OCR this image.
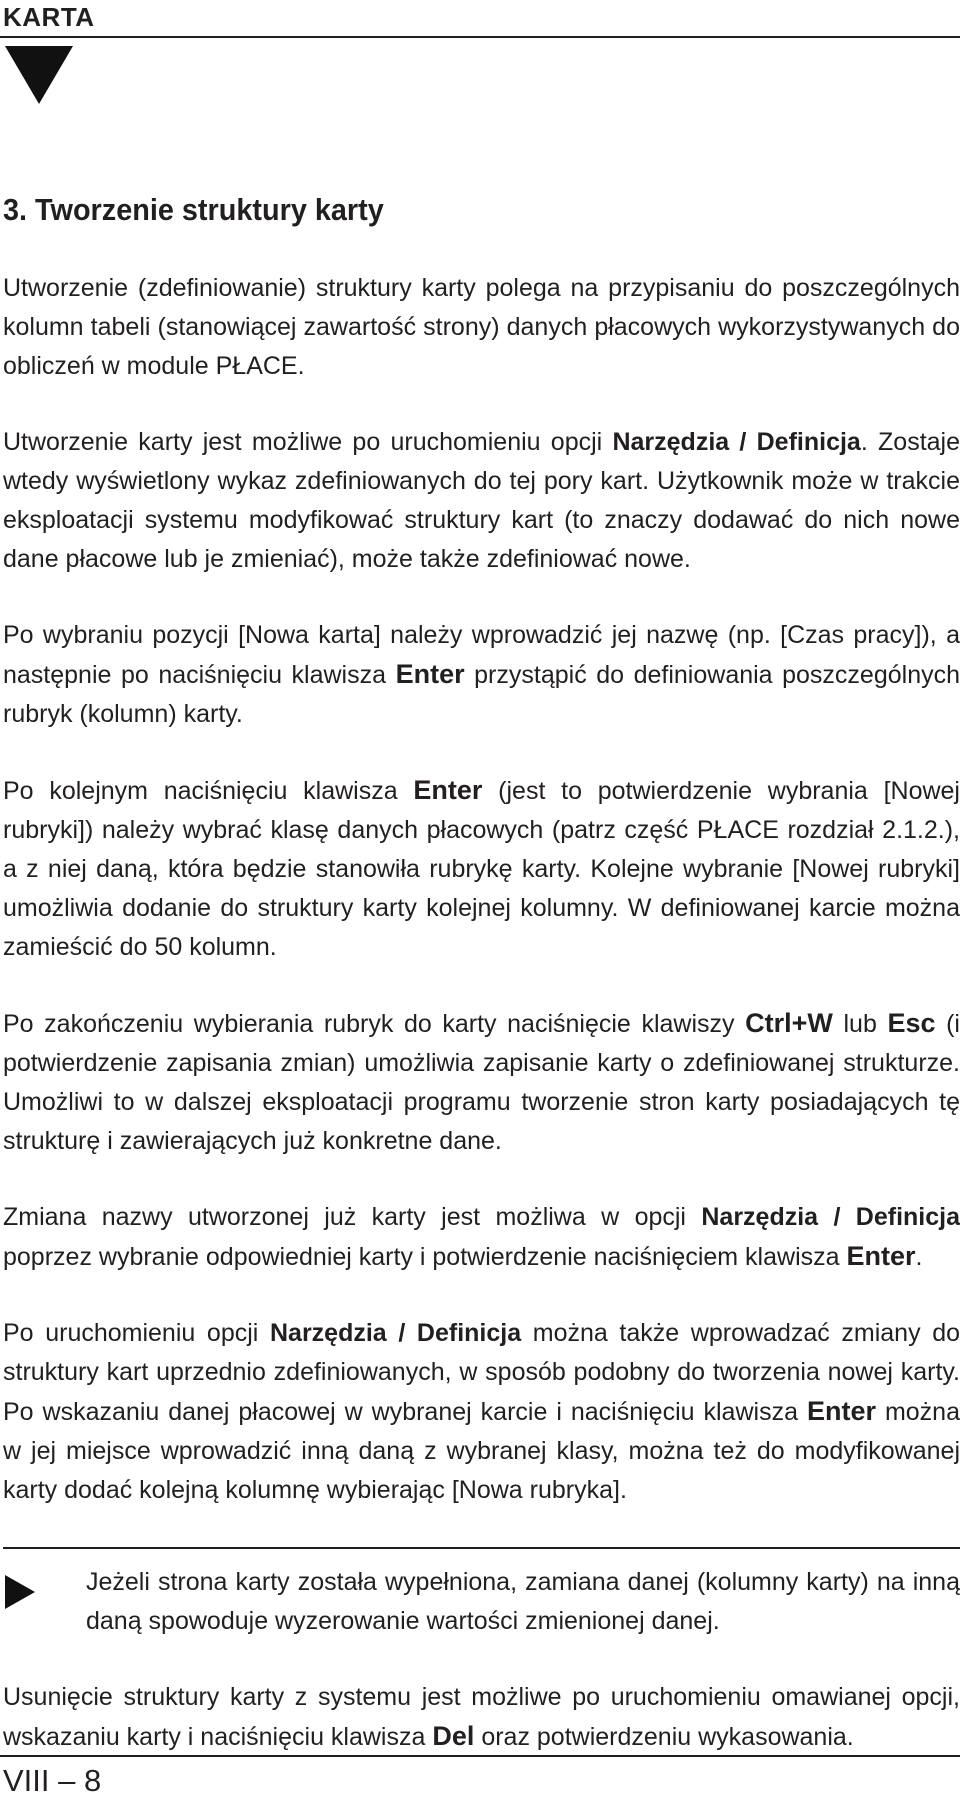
KARTA
3. Tworzenie struktury karty

Utworzenie (zdefiniowanie) struktury karty polega na przypisaniu do poszczególnych kolumn tabeli (stanowiącej zawartość strony) danych płacowych wykorzystywanych do obliczeń w module PŁACE.

Utworzenie karty jest możliwe po uruchomieniu opcji Narzędzia / Definicja. Zostaje wtedy wyświetlony wykaz zdefiniowanych do tej pory kart. Użytkownik może w trakcie eksploatacji systemu modyfikować struktury kart (to znaczy dodawać do nich nowe dane płacowe lub je zmieniać), może także zdefiniować nowe.

Po wybraniu pozycji [Nowa karta] należy wprowadzić jej nazwę (np. [Czas pracy]), a następnie po naciśnięciu klawisza Enter przystąpić do definiowania poszczególnych rubryk (kolumn) karty.

Po kolejnym naciśnięciu klawisza Enter (jest to potwierdzenie wybrania [Nowej rubryki]) należy wybrać klasę danych płacowych (patrz część PŁACE rozdział 2.1.2.), a z niej daną, która będzie stanowiła rubrykę karty. Kolejne wybranie [Nowej rubryki] umożliwia dodanie do struktury karty kolejnej kolumny. W definiowanej karcie można zamieścić do 50 kolumn.

Po zakończeniu wybierania rubryk do karty naciśnięcie klawiszy Ctrl+W lub Esc (i potwierdzenie zapisania zmian) umożliwia zapisanie karty o zdefiniowanej strukturze. Umożliwi to w dalszej eksploatacji programu tworzenie stron karty posiadających tę strukturę i zawierających już konkretne dane.

Zmiana nazwy utworzonej już karty jest możliwa w opcji Narzędzia / Definicja poprzez wybranie odpowiedniej karty i potwierdzenie naciśnięciem klawisza Enter.

Po uruchomieniu opcji Narzędzia / Definicja można także wprowadzać zmiany do struktury kart uprzednio zdefiniowanych, w sposób podobny do tworzenia nowej karty. Po wskazaniu danej płacowej w wybranej karcie i naciśnięciu klawisza Enter można w jej miejsce wprowadzić inną daną z wybranej klasy, można też do modyfikowanej karty dodać kolejną kolumnę wybierając [Nowa rubryka].

Jeżeli strona karty została wypełniona, zamiana danej (kolumny karty) na inną daną spowoduje wyzerowanie wartości zmienionej danej.

Usunięcie struktury karty z systemu jest możliwe po uruchomieniu omawianej opcji, wskazaniu karty i naciśnięciu klawisza Del oraz potwierdzeniu wykasowania.

VIII – 8
